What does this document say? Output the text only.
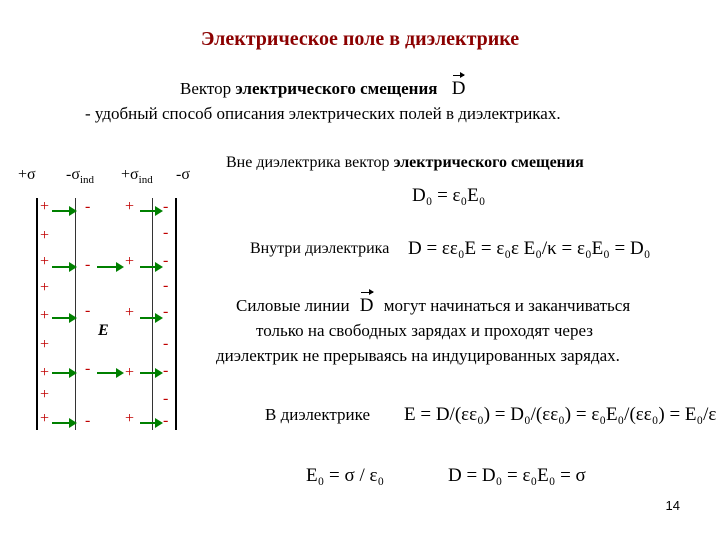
Электрическое поле в диэлектрике
Вектор электрического смещения D
- удобный способ описания электрических полей в диэлектриках.
+σ $-\sigma_{ind} +\sigma_{ind}$ -σ
+
+
+
+
+
+
+
+
+
-
-
-
-
-
+
+
+
+
+
-
-
-
-
-
-
-
-
-
E
Вне диэлектрика вектор электрического смещения
D₀ = ε₀E₀
Внутри диэлектрика D = εε₀E = ε₀ε E₀/κ = ε₀E₀ = D₀
Силовые линии D могут начинаться и заканчиваться
только на свободных зарядах и проходят через
диэлектрик не прерываясь на индуцированных зарядах.
В диэлектрике E = D/(εε₀) = D₀/(εε₀) = ε₀E₀/(εε₀) = E₀/ε
E₀ = σ / ε₀	D = D₀ = ε₀E₀ = σ
14
